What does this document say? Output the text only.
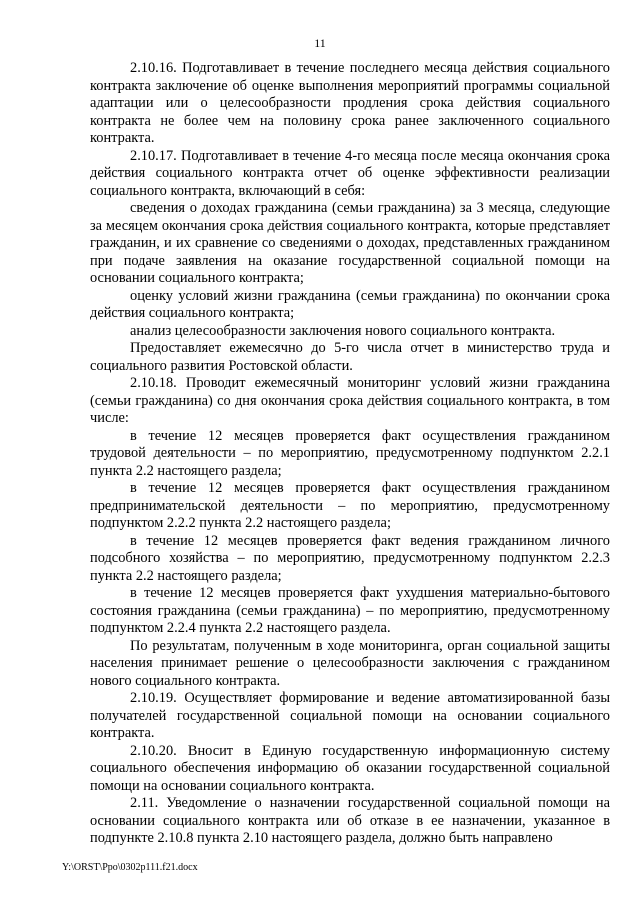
11

2.10.16. Подготавливает в течение последнего месяца действия социального контракта заключение об оценке выполнения мероприятий программы социальной адаптации или о целесообразности продления срока действия социального контракта не более чем на половину срока ранее заключенного социального контракта.

2.10.17. Подготавливает в течение 4-го месяца после месяца окончания срока действия социального контракта отчет об оценке эффективности реализации социального контракта, включающий в себя:

сведения о доходах гражданина (семьи гражданина) за 3 месяца, следующие за месяцем окончания срока действия социального контракта, которые представляет гражданин, и их сравнение со сведениями о доходах, представленных гражданином при подаче заявления на оказание государственной социальной помощи на основании социального контракта;

оценку условий жизни гражданина (семьи гражданина) по окончании срока действия социального контракта;

анализ целесообразности заключения нового социального контракта.

Предоставляет ежемесячно до 5-го числа отчет в министерство труда и социального развития Ростовской области.

2.10.18. Проводит ежемесячный мониторинг условий жизни гражданина (семьи гражданина) со дня окончания срока действия социального контракта, в том числе:

в течение 12 месяцев проверяется факт осуществления гражданином трудовой деятельности – по мероприятию, предусмотренному подпунктом 2.2.1 пункта 2.2 настоящего раздела;

в течение 12 месяцев проверяется факт осуществления гражданином предпринимательской деятельности – по мероприятию, предусмотренному подпунктом 2.2.2 пункта 2.2 настоящего раздела;

в течение 12 месяцев проверяется факт ведения гражданином личного подсобного хозяйства – по мероприятию, предусмотренному подпунктом 2.2.3 пункта 2.2 настоящего раздела;

в течение 12 месяцев проверяется факт ухудшения материально-бытового состояния гражданина (семьи гражданина) – по мероприятию, предусмотренному подпунктом 2.2.4 пункта 2.2 настоящего раздела.

По результатам, полученным в ходе мониторинга, орган социальной защиты населения принимает решение о целесообразности заключения с гражданином нового социального контракта.

2.10.19. Осуществляет формирование и ведение автоматизированной базы получателей государственной социальной помощи на основании социального контракта.

2.10.20. Вносит в Единую государственную информационную систему социального обеспечения информацию об оказании государственной социальной помощи на основании социального контракта.

2.11. Уведомление о назначении государственной социальной помощи на основании социального контракта или об отказе в ее назначении, указанное в подпункте 2.10.8 пункта 2.10 настоящего раздела, должно быть направлено

Y:\ORST\Ppo\0302p111.f21.docx
